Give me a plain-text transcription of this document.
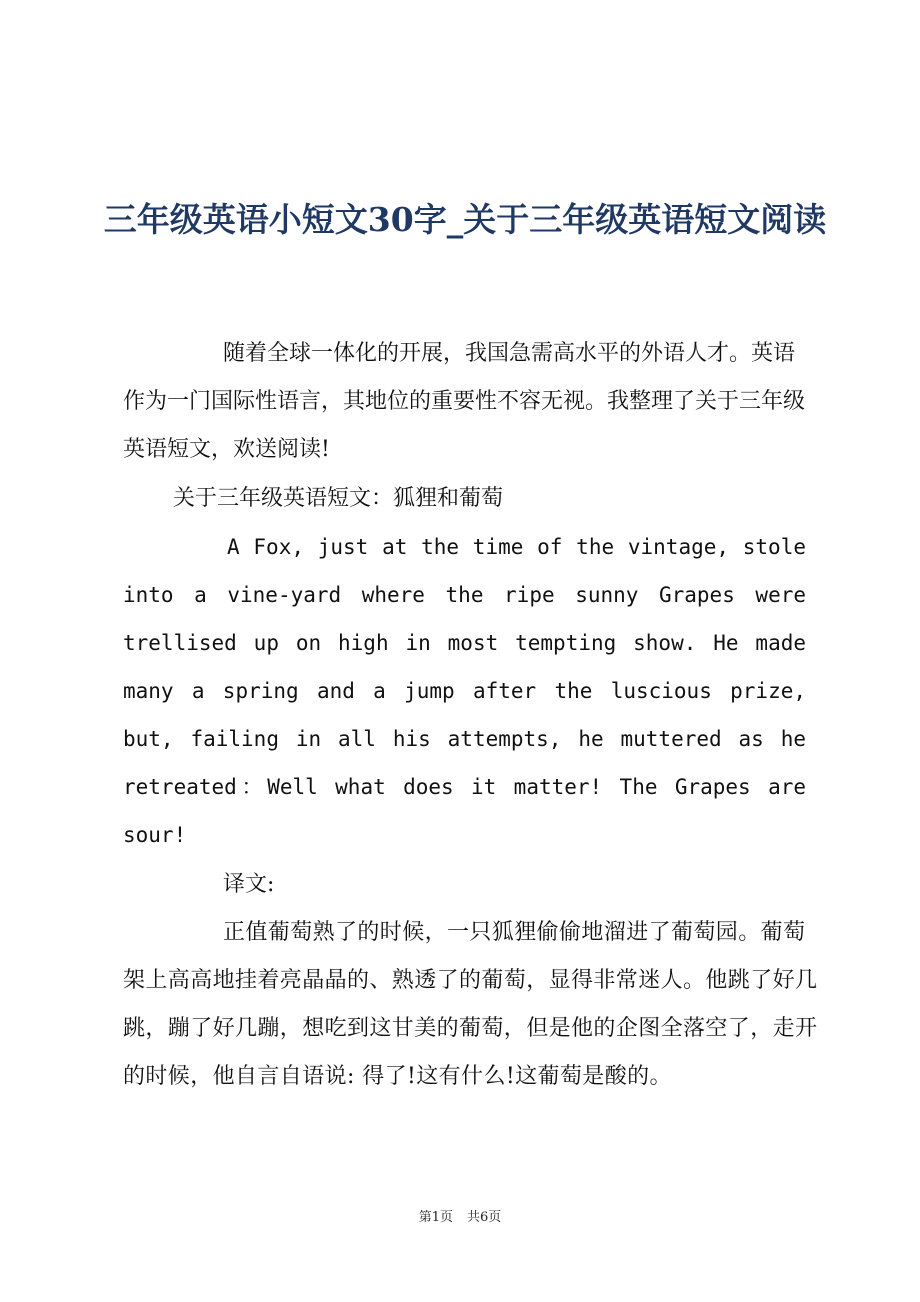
三年级英语小短文30字_关于三年级英语短文阅读

随着全球一体化的开展，我国急需高水平的外语人才。英语作为一门国际性语言，其地位的重要性不容无视。我整理了关于三年级英语短文，欢送阅读!

关于三年级英语短文：狐狸和葡萄

A Fox, just at the time of the vintage, stole into a vine-yard where the ripe sunny Grapes were trellised up on high in most tempting show. He made many a spring and a jump after the luscious prize, but, failing in all his attempts, he muttered as he retreated：Well what does it matter! The Grapes are sour!

译文:

正值葡萄熟了的时候，一只狐狸偷偷地溜进了葡萄园。葡萄架上高高地挂着亮晶晶的、熟透了的葡萄，显得非常迷人。他跳了好几跳，蹦了好几蹦，想吃到这甘美的葡萄，但是他的企图全落空了，走开的时候，他自言自语说: 得了!这有什么!这葡萄是酸的。

第1页 共6页
